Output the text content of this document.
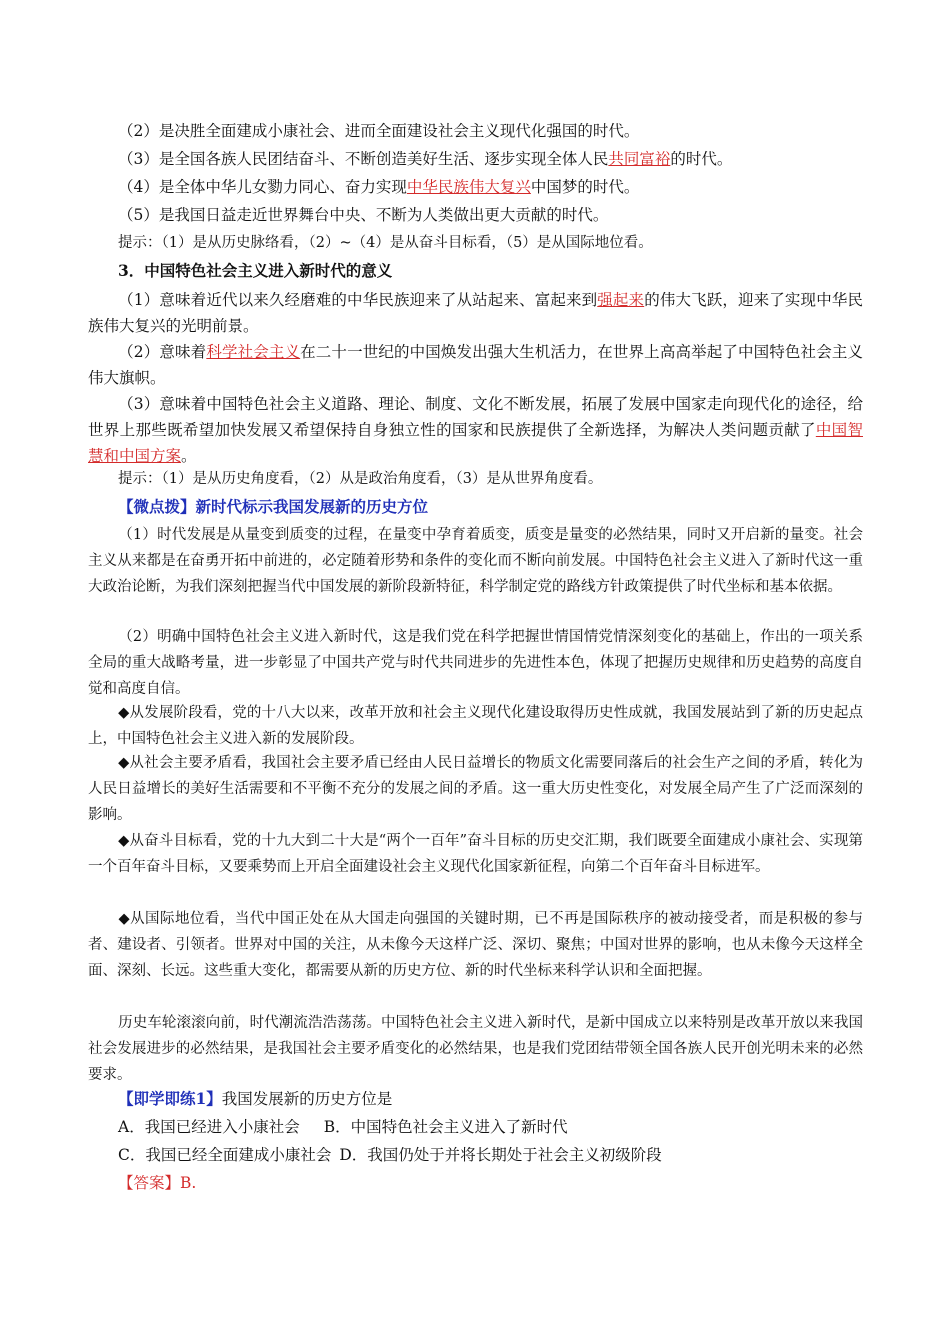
（2）是决胜全面建成小康社会、进而全面建设社会主义现代化强国的时代。
（3）是全国各族人民团结奋斗、不断创造美好生活、逐步实现全体人民共同富裕的时代。
（4）是全体中华儿女勠力同心、奋力实现中华民族伟大复兴中国梦的时代。
（5）是我国日益走近世界舞台中央、不断为人类做出更大贡献的时代。
提示：（1）是从历史脉络看，（2）~（4）是从奋斗目标看，（5）是从国际地位看。
3．中国特色社会主义进入新时代的意义
（1）意味着近代以来久经磨难的中华民族迎来了从站起来、富起来到强起来的伟大飞跃，迎来了实现中华民族伟大复兴的光明前景。
（2）意味着科学社会主义在二十一世纪的中国焕发出强大生机活力，在世界上高高举起了中国特色社会主义伟大旗帜。
（3）意味着中国特色社会主义道路、理论、制度、文化不断发展，拓展了发展中国家走向现代化的途径，给世界上那些既希望加快发展又希望保持自身独立性的国家和民族提供了全新选择，为解决人类问题贡献了中国智慧和中国方案。
提示：（1）是从历史角度看，（2）从是政治角度看，（3）是从世界角度看。
【微点拨】新时代标示我国发展新的历史方位
（1）时代发展是从量变到质变的过程，在量变中孕育着质变，质变是量变的必然结果，同时又开启新的量变。社会主义从来都是在奋勇开拓中前进的，必定随着形势和条件的变化而不断向前发展。中国特色社会主义进入了新时代这一重大政治论断，为我们深刻把握当代中国发展的新阶段新特征，科学制定党的路线方针政策提供了时代坐标和基本依据。
（2）明确中国特色社会主义进入新时代，这是我们党在科学把握世情国情党情深刻变化的基础上，作出的一项关系全局的重大战略考量，进一步彰显了中国共产党与时代共同进步的先进性本色，体现了把握历史规律和历史趋势的高度自觉和高度自信。
◆从发展阶段看，党的十八大以来，改革开放和社会主义现代化建设取得历史性成就，我国发展站到了新的历史起点上，中国特色社会主义进入新的发展阶段。
◆从社会主要矛盾看，我国社会主要矛盾已经由人民日益增长的物质文化需要同落后的社会生产之间的矛盾，转化为人民日益增长的美好生活需要和不平衡不充分的发展之间的矛盾。这一重大历史性变化，对发展全局产生了广泛而深刻的影响。
◆从奋斗目标看，党的十九大到二十大是“两个一百年”奋斗目标的历史交汇期，我们既要全面建成小康社会、实现第一个百年奋斗目标，又要乘势而上开启全面建设社会主义现代化国家新征程，向第二个百年奋斗目标进军。
◆从国际地位看，当代中国正处在从大国走向强国的关键时期，已不再是国际秩序的被动接受者，而是积极的参与者、建设者、引领者。世界对中国的关注，从未像今天这样广泛、深切、聚焦；中国对世界的影响，也从未像今天这样全面、深刻、长远。这些重大变化，都需要从新的历史方位、新的时代坐标来科学认识和全面把握。
历史车轮滚滚向前，时代潮流浩浩荡荡。中国特色社会主义进入新时代，是新中国成立以来特别是改革开放以来我国社会发展进步的必然结果，是我国社会主要矛盾变化的必然结果，也是我们党团结带领全国各族人民开创光明未来的必然要求。
【即学即练1】我国发展新的历史方位是
A．我国已经进入小康社会 B．中国特色社会主义进入了新时代
C．我国已经全面建成小康社会 D．我国仍处于并将长期处于社会主义初级阶段
【答案】B.
